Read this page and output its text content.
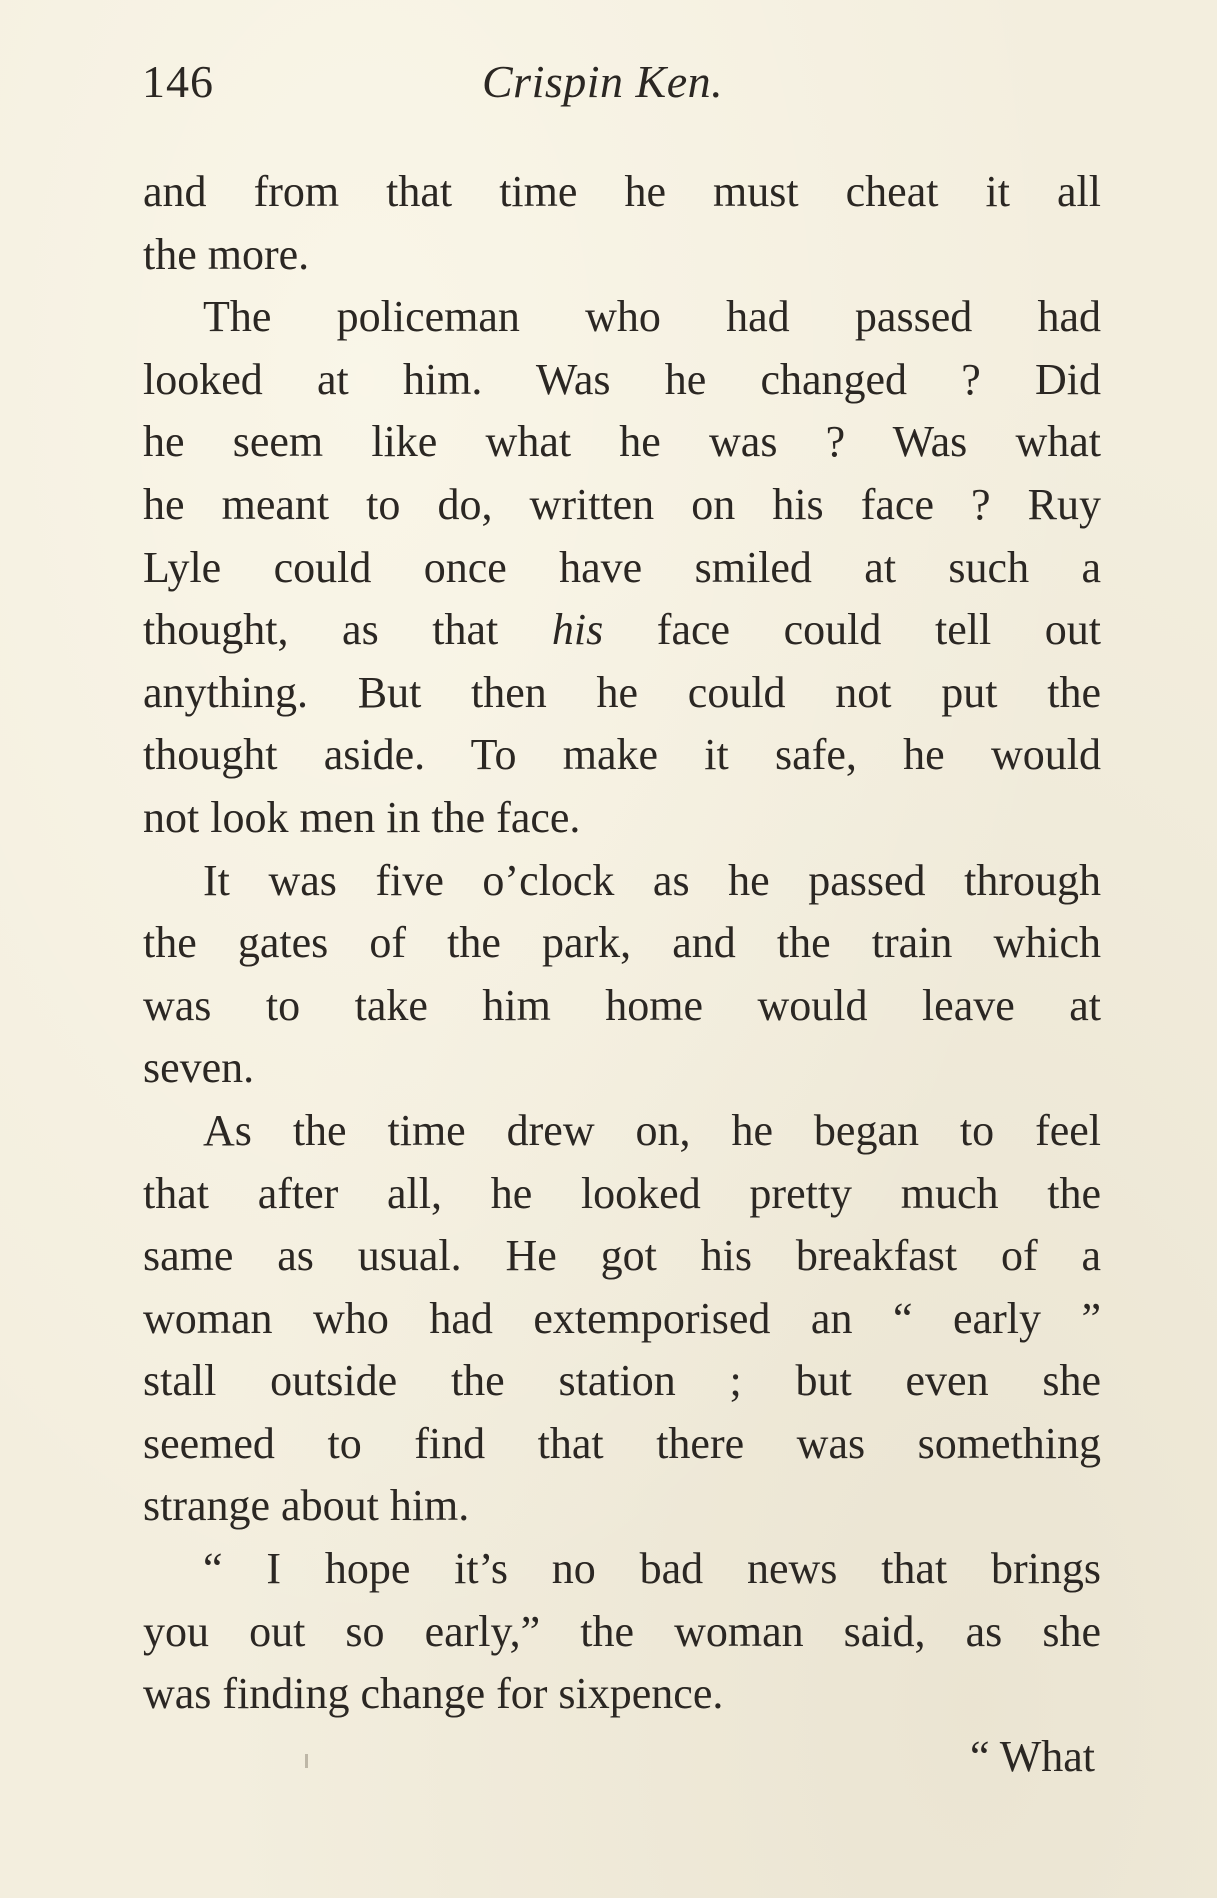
146	Crispin Ken.
and from that time he must cheat it all
the more.
The policeman who had passed had
looked at him. Was he changed ? Did
he seem like what he was ? Was what
he meant to do, written on his face ? Ruy
Lyle could once have smiled at such a
thought, as that his face could tell out
anything. But then he could not put the
thought aside. To make it safe, he would
not look men in the face.
It was five o’clock as he passed through
the gates of the park, and the train which
was to take him home would leave at
seven.
As the time drew on, he began to feel
that after all, he looked pretty much the
same as usual. He got his breakfast of a
woman who had extemporised an “ early ”
stall outside the station ; but even she
seemed to find that there was something
strange about him.
“ I hope it’s no bad news that brings
you out so early,” the woman said, as she
was finding change for sixpence.
“ What
